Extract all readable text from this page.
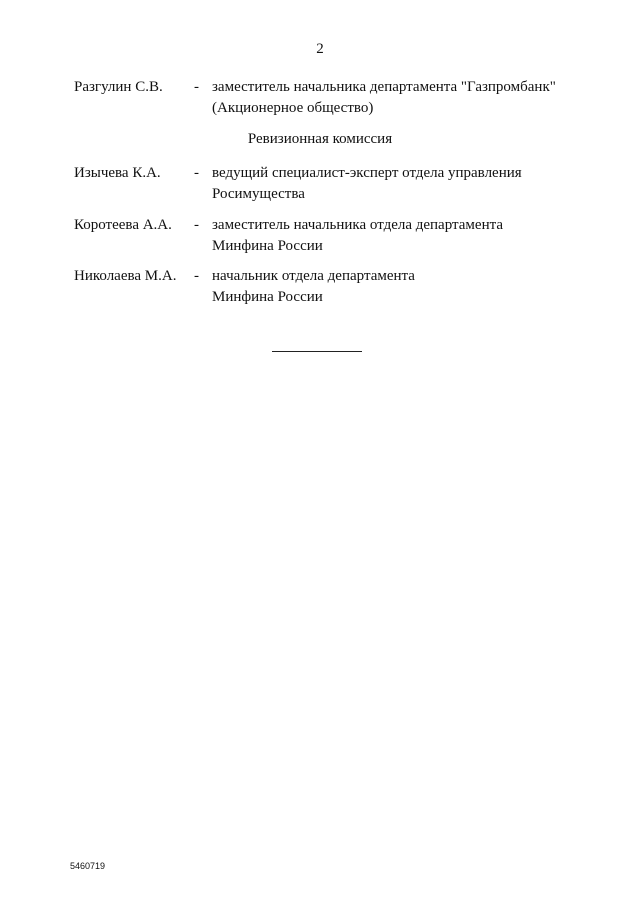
2
Разгулин С.В. - заместитель начальника департамента "Газпромбанк"
(Акционерное общество)
Ревизионная комиссия
Изычева К.А. - ведущий специалист-эксперт отдела управления
Росимущества
Коротеева А.А. - заместитель начальника отдела департамента
Минфина России
Николаева М.А. - начальник отдела департамента
Минфина России
5460719
